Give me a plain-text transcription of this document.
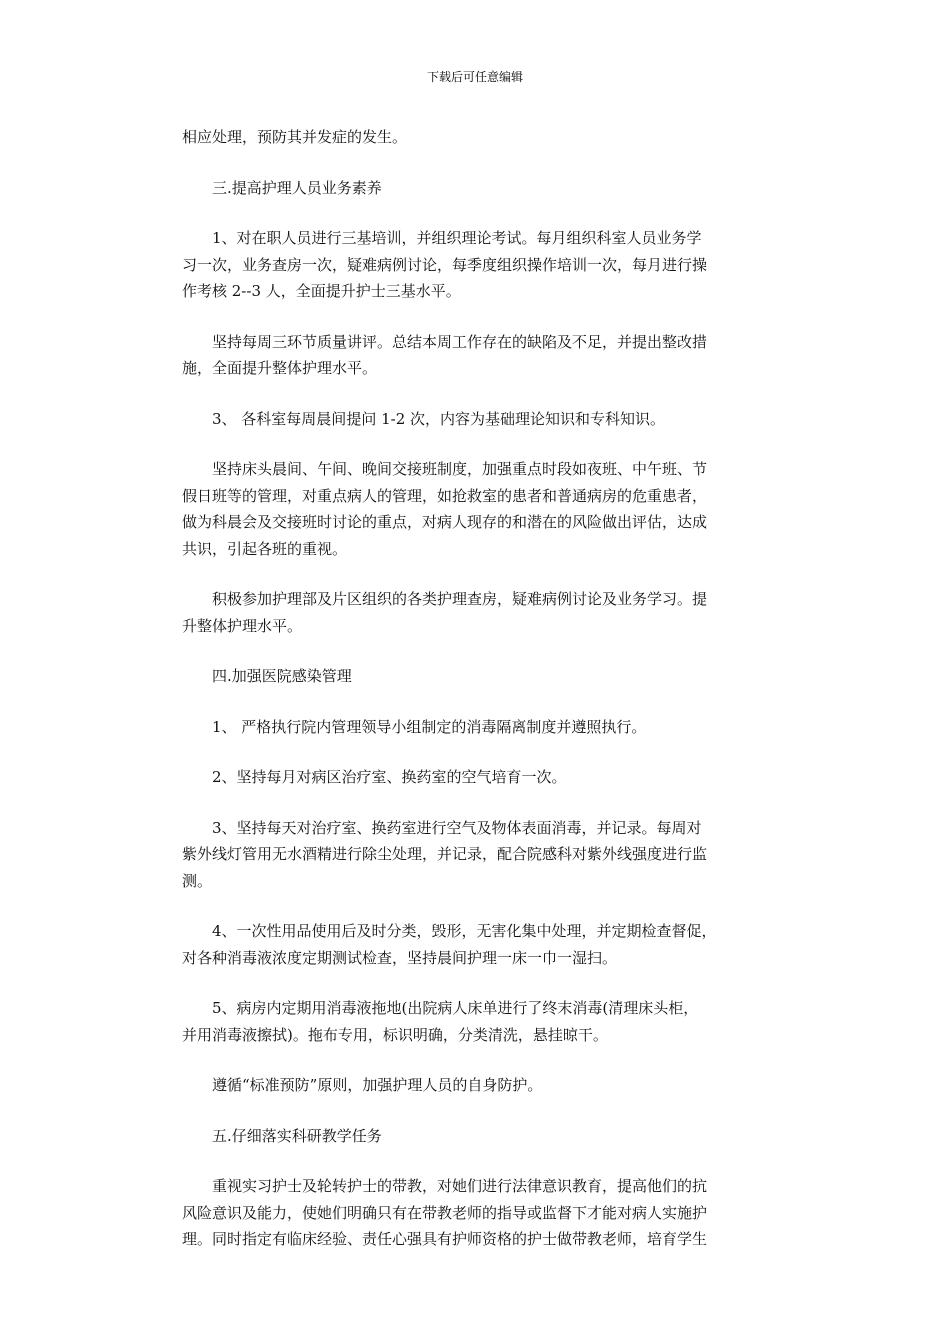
下载后可任意编辑

相应处理，预防其并发症的发生。

　　三.提高护理人员业务素养

　　1、对在职人员进行三基培训，并组织理论考试。每月组织科室人员业务学
习一次，业务查房一次，疑难病例讨论，每季度组织操作培训一次，每月进行操
作考核 2--3 人，全面提升护士三基水平。

　　坚持每周三环节质量讲评。总结本周工作存在的缺陷及不足，并提出整改措
施，全面提升整体护理水平。

　　3、 各科室每周晨间提问 1-2 次，内容为基础理论知识和专科知识。

　　坚持床头晨间、午间、晚间交接班制度，加强重点时段如夜班、中午班、节
假日班等的管理，对重点病人的管理，如抢救室的患者和普通病房的危重患者，
做为科晨会及交接班时讨论的重点，对病人现存的和潜在的风险做出评估，达成
共识，引起各班的重视。

　　积极参加护理部及片区组织的各类护理查房，疑难病例讨论及业务学习。提
升整体护理水平。

　　四.加强医院感染管理

　　1、 严格执行院内管理领导小组制定的消毒隔离制度并遵照执行。

　　2、坚持每月对病区治疗室、换药室的空气培育一次。

　　3、坚持每天对治疗室、换药室进行空气及物体表面消毒，并记录。每周对
紫外线灯管用无水酒精进行除尘处理，并记录，配合院感科对紫外线强度进行监
测。

　　4、一次性用品使用后及时分类，毁形，无害化集中处理，并定期检查督促，
对各种消毒液浓度定期测试检查，坚持晨间护理一床一巾一湿扫。

　　5、病房内定期用消毒液拖地(出院病人床单进行了终末消毒(清理床头柜，
并用消毒液擦拭)。拖布专用，标识明确，分类清洗，悬挂晾干。

　　遵循“标准预防”原则，加强护理人员的自身防护。

　　五.仔细落实科研教学任务

　　重视实习护士及轮转护士的带教，对她们进行法律意识教育，提高他们的抗
风险意识及能力，使她们明确只有在带教老师的指导或监督下才能对病人实施护
理。同时指定有临床经验、责任心强具有护师资格的护士做带教老师，培育学生
